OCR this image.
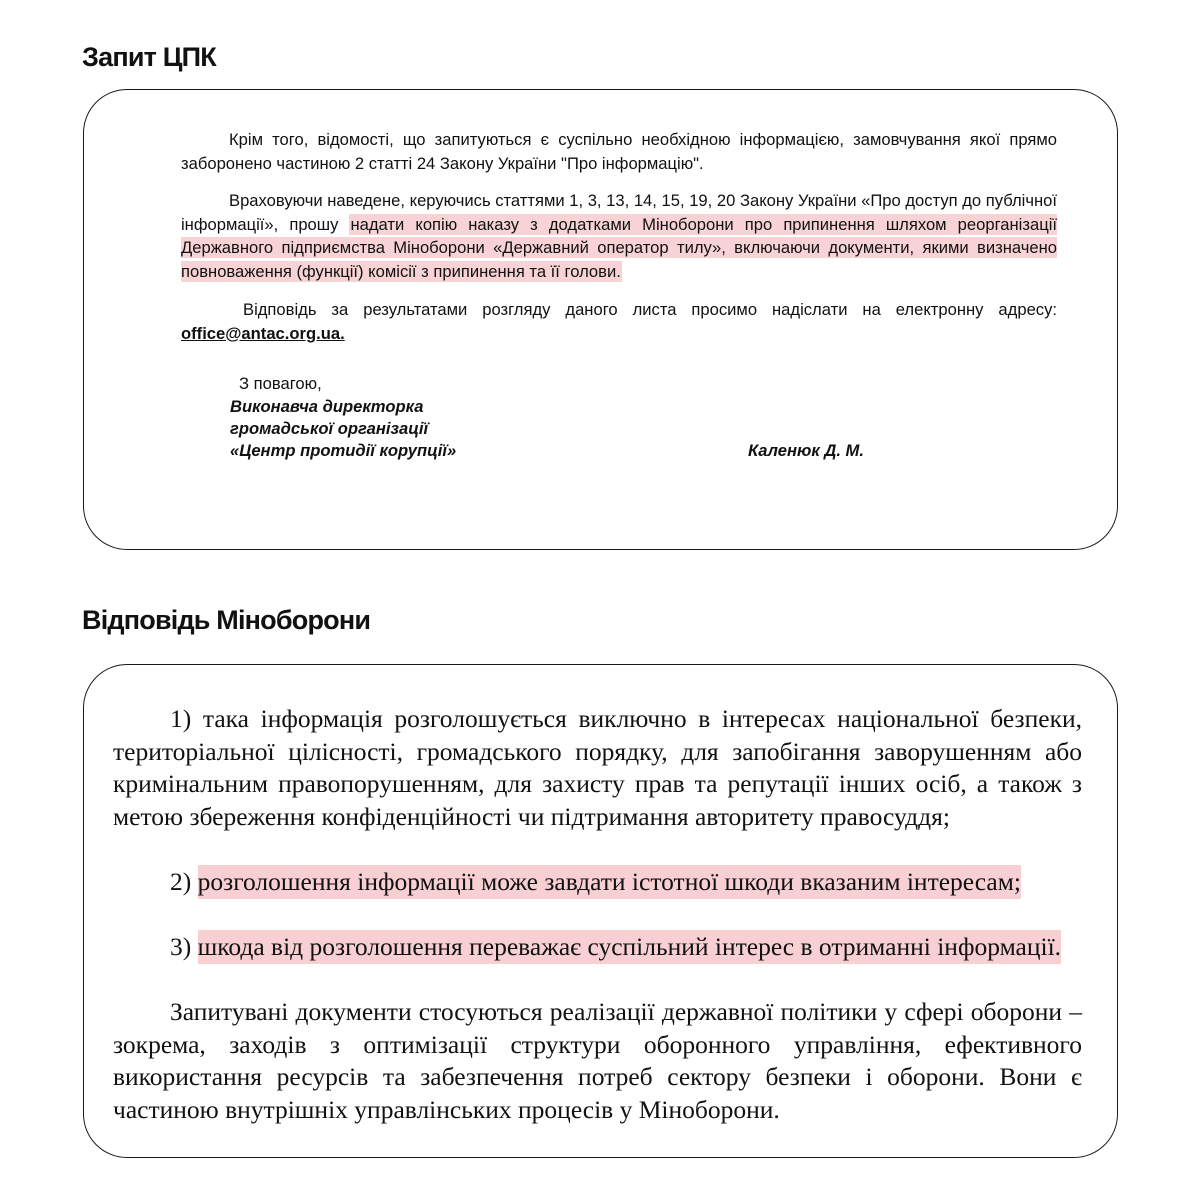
Запит ЦПК

Крім того, відомості, що запитуються є суспільно необхідною інформацією, замовчування якої прямо заборонено частиною 2 статті 24 Закону України "Про інформацію".

Враховуючи наведене, керуючись статтями 1, 3, 13, 14, 15, 19, 20 Закону України «Про доступ до публічної інформації», прошу надати копію наказу з додатками Міноборони про припинення шляхом реорганізації Державного підприємства Міноборони «Державний оператор тилу», включаючи документи, якими визначено повноваження (функції) комісії з припинення та її голови.

Відповідь за результатами розгляду даного листа просимо надіслати на електронну адресу: office@antac.org.ua.

З повагою,
Виконавча директорка
громадської організації
«Центр протидії корупції»	Каленюк Д. М.
Відповідь Міноборони

1) така інформація розголошується виключно в інтересах національної безпеки, територіальної цілісності, громадського порядку, для запобігання заворушенням або кримінальним правопорушенням, для захисту прав та репутації інших осіб, а також з метою збереження конфіденційності чи підтримання авторитету правосуддя;

2) розголошення інформації може завдати істотної шкоди вказаним інтересам;

3) шкода від розголошення переважає суспільний інтерес в отриманні інформації.

Запитувані документи стосуються реалізації державної політики у сфері оборони – зокрема, заходів з оптимізації структури оборонного управління, ефективного використання ресурсів та забезпечення потреб сектору безпеки і оборони. Вони є частиною внутрішніх управлінських процесів у Міноборони.
